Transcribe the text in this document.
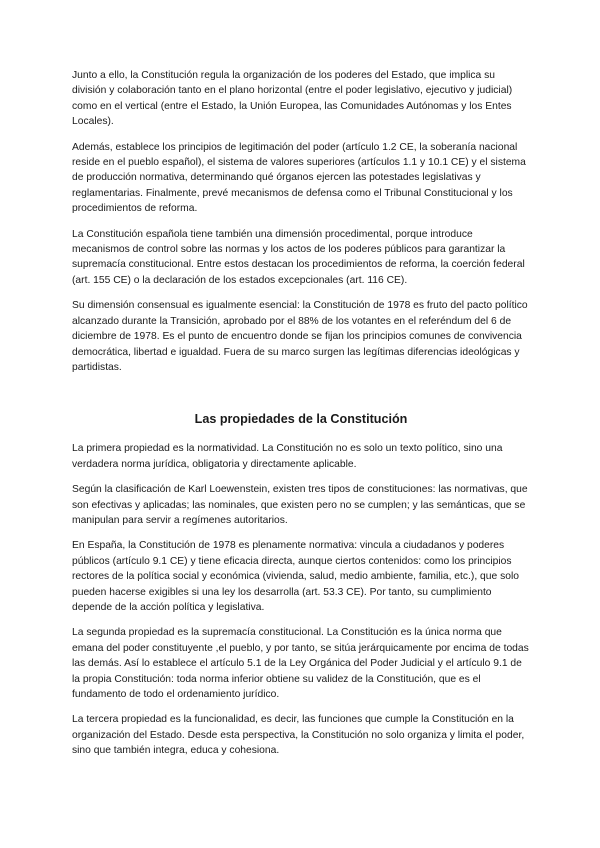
Junto a ello, la Constitución regula la organización de los poderes del Estado, que implica su división y colaboración tanto en el plano horizontal (entre el poder legislativo, ejecutivo y judicial) como en el vertical (entre el Estado, la Unión Europea, las Comunidades Autónomas y los Entes Locales).

Además, establece los principios de legitimación del poder (artículo 1.2 CE, la soberanía nacional reside en el pueblo español), el sistema de valores superiores (artículos 1.1 y 10.1 CE) y el sistema de producción normativa, determinando qué órganos ejercen las potestades legislativas y reglamentarias. Finalmente, prevé mecanismos de defensa como el Tribunal Constitucional y los procedimientos de reforma.

La Constitución española tiene también una dimensión procedimental, porque introduce mecanismos de control sobre las normas y los actos de los poderes públicos para garantizar la supremacía constitucional. Entre estos destacan los procedimientos de reforma, la coerción federal (art. 155 CE) o la declaración de los estados excepcionales (art. 116 CE).

Su dimensión consensual es igualmente esencial: la Constitución de 1978 es fruto del pacto político alcanzado durante la Transición, aprobado por el 88% de los votantes en el referéndum del 6 de diciembre de 1978. Es el punto de encuentro donde se fijan los principios comunes de convivencia democrática, libertad e igualdad. Fuera de su marco surgen las legítimas diferencias ideológicas y partidistas.

Las propiedades de la Constitución

La primera propiedad es la normatividad. La Constitución no es solo un texto político, sino una verdadera norma jurídica, obligatoria y directamente aplicable.

Según la clasificación de Karl Loewenstein, existen tres tipos de constituciones: las normativas, que son efectivas y aplicadas; las nominales, que existen pero no se cumplen; y las semánticas, que se manipulan para servir a regímenes autoritarios.

En España, la Constitución de 1978 es plenamente normativa: vincula a ciudadanos y poderes públicos (artículo 9.1 CE) y tiene eficacia directa, aunque ciertos contenidos: como los principios rectores de la política social y económica (vivienda, salud, medio ambiente, familia, etc.), que solo pueden hacerse exigibles si una ley los desarrolla (art. 53.3 CE). Por tanto, su cumplimiento depende de la acción política y legislativa.

La segunda propiedad es la supremacía constitucional. La Constitución es la única norma que emana del poder constituyente ,el pueblo, y por tanto, se sitúa jerárquicamente por encima de todas las demás. Así lo establece el artículo 5.1 de la Ley Orgánica del Poder Judicial y el artículo 9.1 de la propia Constitución: toda norma inferior obtiene su validez de la Constitución, que es el fundamento de todo el ordenamiento jurídico.

La tercera propiedad es la funcionalidad, es decir, las funciones que cumple la Constitución en la organización del Estado. Desde esta perspectiva, la Constitución no solo organiza y limita el poder, sino que también integra, educa y cohesiona.
